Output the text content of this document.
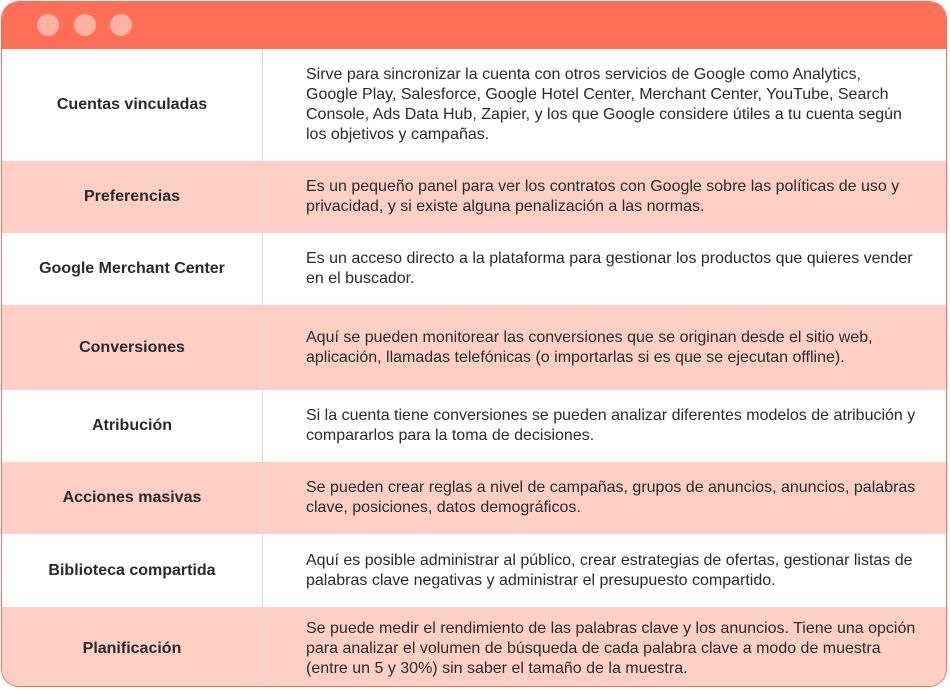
Cuentas vinculadas	Sirve para sincronizar la cuenta con otros servicios de Google como Analytics, Google Play, Salesforce, Google Hotel Center, Merchant Center, YouTube, Search Console, Ads Data Hub, Zapier, y los que Google considere útiles a tu cuenta según los objetivos y campañas.
Preferencias	Es un pequeño panel para ver los contratos con Google sobre las políticas de uso y privacidad, y si existe alguna penalización a las normas.
Google Merchant Center	Es un acceso directo a la plataforma para gestionar los productos que quieres vender en el buscador.
Conversiones	Aquí se pueden monitorear las conversiones que se originan desde el sitio web, aplicación, llamadas telefónicas (o importarlas si es que se ejecutan offline).
Atribución	Si la cuenta tiene conversiones se pueden analizar diferentes modelos de atribución y compararlos para la toma de decisiones.
Acciones masivas	Se pueden crear reglas a nivel de campañas, grupos de anuncios, anuncios, palabras clave, posiciones, datos demográficos.
Biblioteca compartida	Aquí es posible administrar al público, crear estrategias de ofertas, gestionar listas de palabras clave negativas y administrar el presupuesto compartido.
Planificación	Se puede medir el rendimiento de las palabras clave y los anuncios. Tiene una opción para analizar el volumen de búsqueda de cada palabra clave a modo de muestra (entre un 5 y 30%) sin saber el tamaño de la muestra.
